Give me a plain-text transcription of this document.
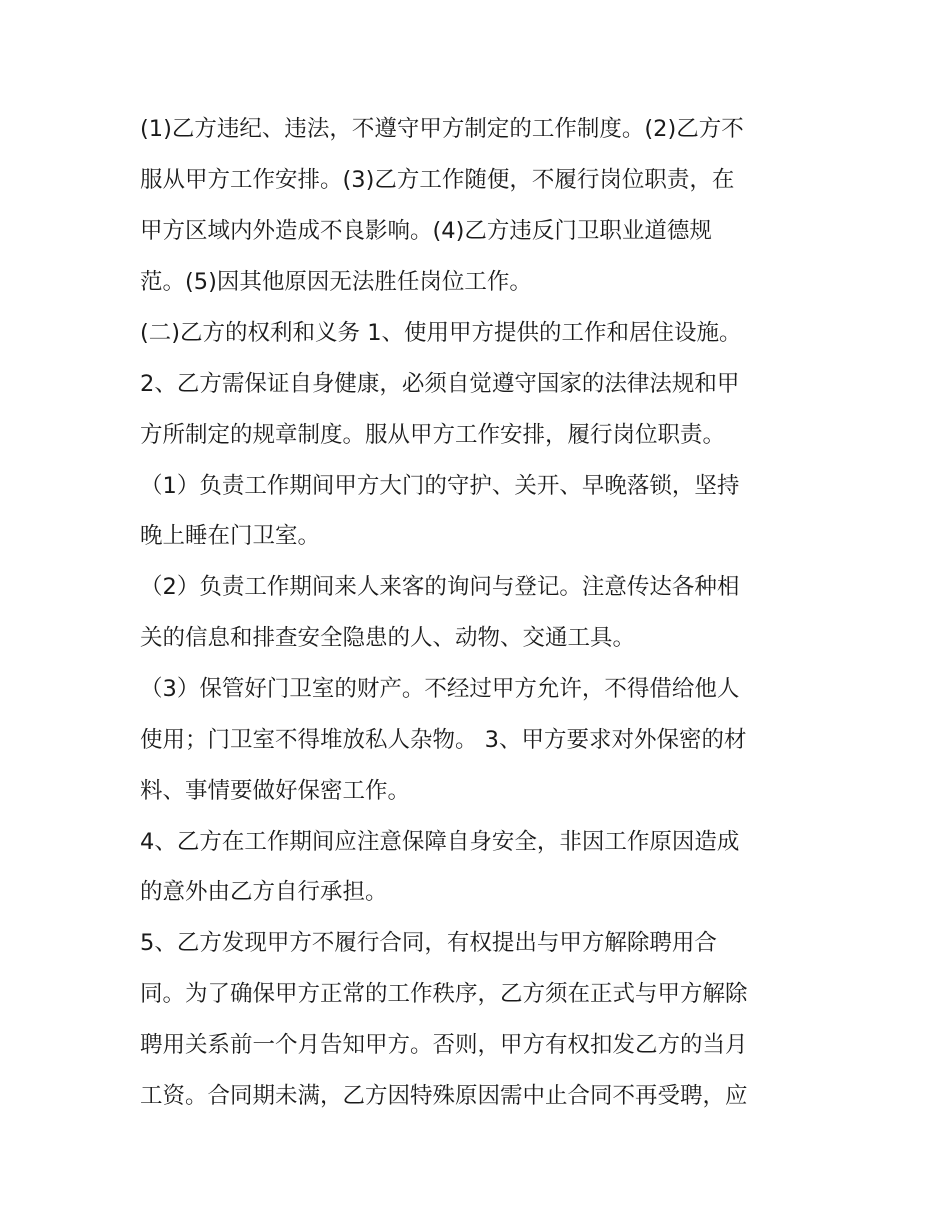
(1)乙方违纪、违法，不遵守甲方制定的工作制度。(2)乙方不
服从甲方工作安排。(3)乙方工作随便，不履行岗位职责，在
甲方区域内外造成不良影响。(4)乙方违反门卫职业道德规
范。(5)因其他原因无法胜任岗位工作。
(二)乙方的权利和义务 1、使用甲方提供的工作和居住设施。
2、乙方需保证自身健康，必须自觉遵守国家的法律法规和甲
方所制定的规章制度。服从甲方工作安排，履行岗位职责。
（1）负责工作期间甲方大门的守护、关开、早晚落锁，坚持
晚上睡在门卫室。
（2）负责工作期间来人来客的询问与登记。注意传达各种相
关的信息和排查安全隐患的人、动物、交通工具。
（3）保管好门卫室的财产。不经过甲方允许，不得借给他人
使用；门卫室不得堆放私人杂物。 3、甲方要求对外保密的材
料、事情要做好保密工作。
4、乙方在工作期间应注意保障自身安全，非因工作原因造成
的意外由乙方自行承担。
5、乙方发现甲方不履行合同，有权提出与甲方解除聘用合
同。为了确保甲方正常的工作秩序，乙方须在正式与甲方解除
聘用关系前一个月告知甲方。否则，甲方有权扣发乙方的当月
工资。合同期未满，乙方因特殊原因需中止合同不再受聘，应
